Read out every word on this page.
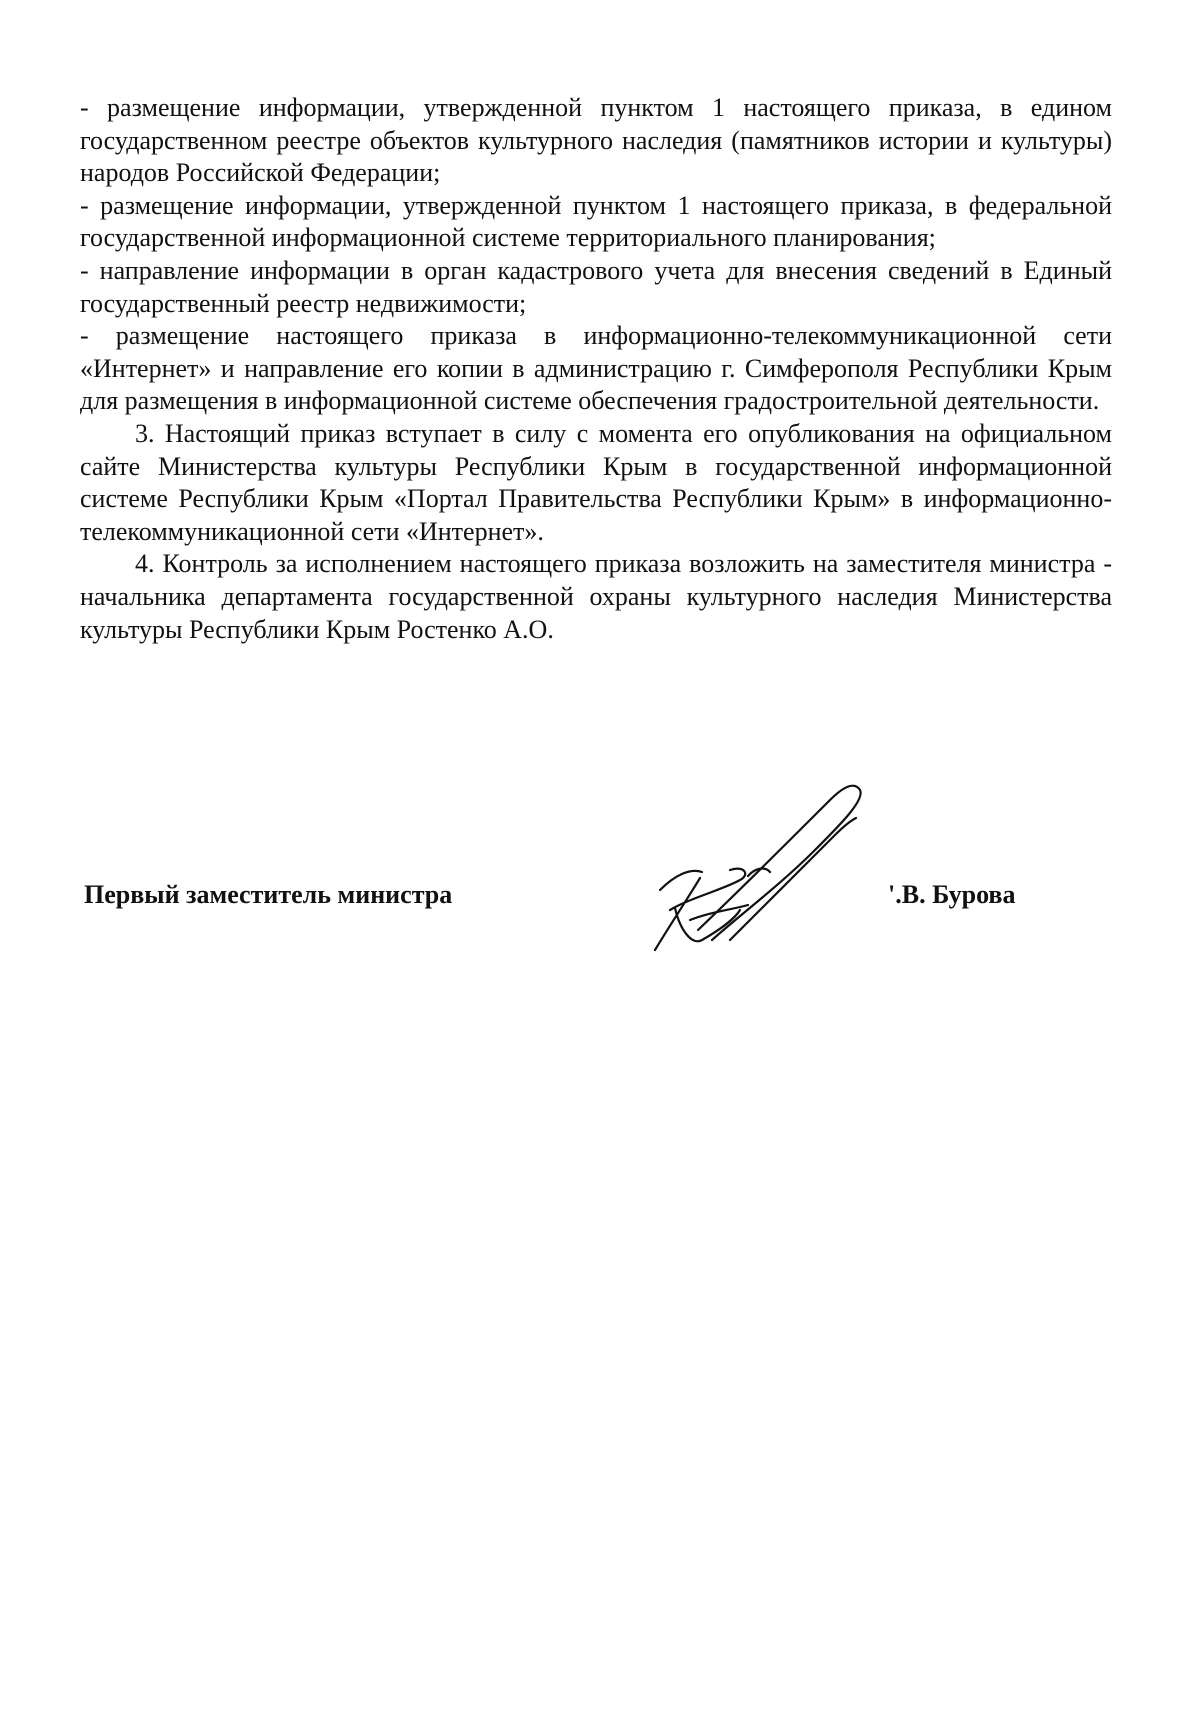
- размещение информации, утвержденной пунктом 1 настоящего приказа, в едином государственном реестре объектов культурного наследия (памятников истории и культуры) народов Российской Федерации;

- размещение информации, утвержденной пунктом 1 настоящего приказа, в федеральной государственной информационной системе территориального планирования;

- направление информации в орган кадастрового учета для внесения сведений в Единый государственный реестр недвижимости;

- размещение настоящего приказа в информационно-телекоммуникационной сети «Интернет» и направление его копии в администрацию г. Симферополя Республики Крым для размещения в информационной системе обеспечения градостроительной деятельности.

3. Настоящий приказ вступает в силу с момента его опубликования на официальном сайте Министерства культуры Республики Крым в государственной информационной системе Республики Крым «Портал Правительства Республики Крым» в информационно-телекоммуникационной сети «Интернет».

4. Контроль за исполнением настоящего приказа возложить на заместителя министра - начальника департамента государственной охраны культурного наследия Министерства культуры Республики Крым Ростенко А.О.

Первый заместитель министра	'.В. Бурова
